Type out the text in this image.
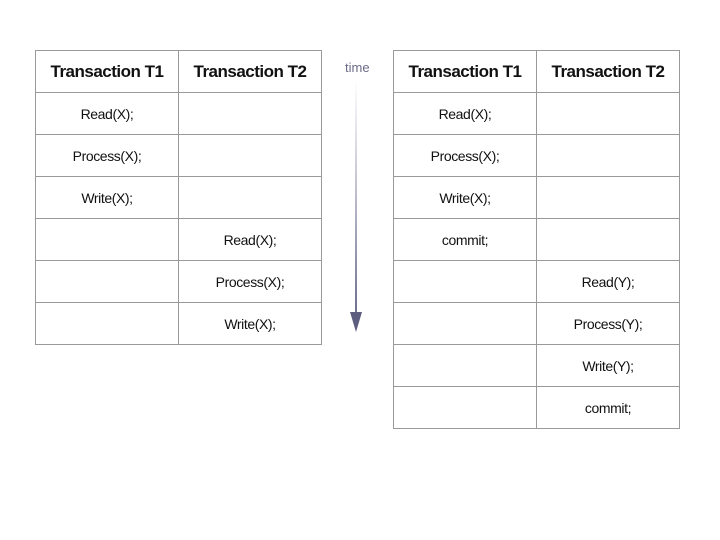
Transaction T1	Transaction T2
Read(X);	
Process(X);	
Write(X);	
	Read(X);
	Process(X);
	Write(X);
time Transaction T1	Transaction T2
Read(X);	
Process(X);	
Write(X);	
commit;	
	Read(Y);
	Process(Y);
	Write(Y);
	commit;
